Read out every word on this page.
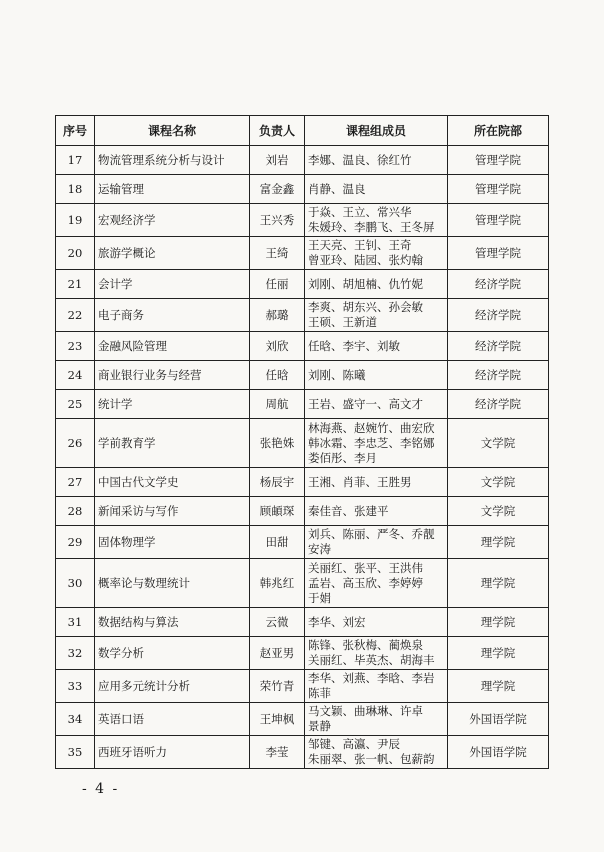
序号	课程名称	负责人	课程组成员	所在院部
17	物流管理系统分析与设计	刘岩	李娜、温良、徐红竹	管理学院
18	运输管理	富金鑫	肖静、温良	管理学院
19	宏观经济学	王兴秀	于焱、王立、常兴华
朱媛玲、李鹏飞、王冬屏	管理学院
20	旅游学概论	王绮	王天亮、王钊、王奇
曾亚玲、陆园、张灼翰	管理学院
21	会计学	任丽	刘刚、胡旭楠、仇竹妮	经济学院
22	电子商务	郝璐	李爽、胡东兴、孙会敏
王硕、王新道	经济学院
23	金融风险管理	刘欣	任晗、李宇、刘敏	经济学院
24	商业银行业务与经营	任晗	刘刚、陈曦	经济学院
25	统计学	周航	王岩、盛守一、高文才	经济学院
26	学前教育学	张艳姝	林海燕、赵婉竹、曲宏欣
韩冰霜、李忠芝、李铭娜
娄佰彤、李月	文学院
27	中国古代文学史	杨辰宇	王湘、肖菲、王胜男	文学院
28	新闻采访与写作	顾頔琛	秦佳音、张建平	文学院
29	固体物理学	田甜	刘兵、陈丽、严冬、乔靓
安涛	理学院
30	概率论与数理统计	韩兆红	关丽红、张平、王洪伟
孟岩、高玉欣、李婷婷
于娟	理学院
31	数据结构与算法	云微	李华、刘宏	理学院
32	数学分析	赵亚男	陈锋、张秋梅、蔺焕泉
关丽红、毕英杰、胡海丰	理学院
33	应用多元统计分析	荣竹青	李华、刘燕、李晗、李岩
陈菲	理学院
34	英语口语	王坤枫	马文颖、曲琳琳、许卓
景静	外国语学院
35	西班牙语听力	李莹	邹键、高瀛、尹辰
朱丽翠、张一帆、包薪韵	外国语学院
- 4 -
